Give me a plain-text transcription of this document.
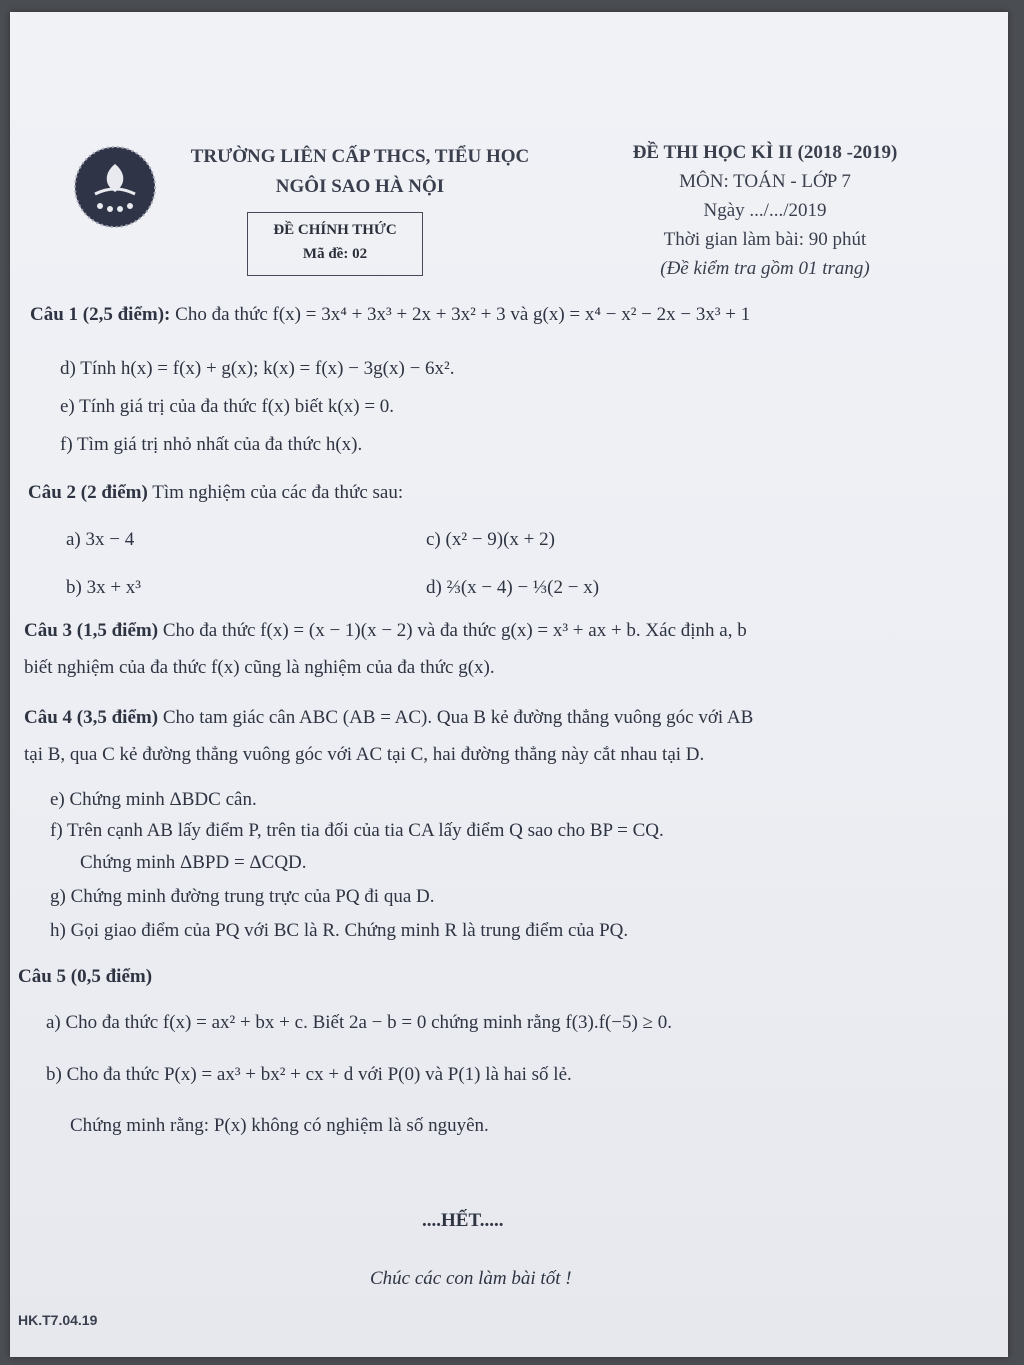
TRƯỜNG LIÊN CẤP THCS, TIỂU HỌC
NGÔI SAO HÀ NỘI
ĐỀ CHÍNH THỨC
Mã đề: 02
ĐỀ THI HỌC KÌ II (2018 -2019)
MÔN: TOÁN - LỚP 7
Ngày .../.../2019
Thời gian làm bài: 90 phút
(Đề kiểm tra gồm 01 trang)
Câu 1 (2,5 điểm): Cho đa thức f(x) = 3x⁴ + 3x³ + 2x + 3x² + 3 và g(x) = x⁴ − x² − 2x − 3x³ + 1
d) Tính h(x) = f(x) + g(x); k(x) = f(x) − 3g(x) − 6x².
e) Tính giá trị của đa thức f(x) biết k(x) = 0.
f) Tìm giá trị nhỏ nhất của đa thức h(x).
Câu 2 (2 điểm) Tìm nghiệm của các đa thức sau:
a) 3x − 4	c) (x² − 9)(x + 2)
b) 3x + x³	d) ⅔(x − 4) − ⅓(2 − x)
Câu 3 (1,5 điểm) Cho đa thức f(x) = (x − 1)(x − 2) và đa thức g(x) = x³ + ax + b. Xác định a, b
biết nghiệm của đa thức f(x) cũng là nghiệm của đa thức g(x).
Câu 4 (3,5 điểm) Cho tam giác cân ABC (AB = AC). Qua B kẻ đường thẳng vuông góc với AB
tại B, qua C kẻ đường thẳng vuông góc với AC tại C, hai đường thẳng này cắt nhau tại D.
e) Chứng minh ΔBDC cân.
f) Trên cạnh AB lấy điểm P, trên tia đối của tia CA lấy điểm Q sao cho BP = CQ.
Chứng minh ΔBPD = ΔCQD.
g) Chứng minh đường trung trực của PQ đi qua D.
h) Gọi giao điểm của PQ với BC là R. Chứng minh R là trung điểm của PQ.
Câu 5 (0,5 điểm)
a) Cho đa thức f(x) = ax² + bx + c. Biết 2a − b = 0 chứng minh rằng f(3).f(−5) ≥ 0.
b) Cho đa thức P(x) = ax³ + bx² + cx + d với P(0) và P(1) là hai số lẻ.
Chứng minh rằng: P(x) không có nghiệm là số nguyên.
....HẾT.....
Chúc các con làm bài tốt !
HK.T7.04.19
